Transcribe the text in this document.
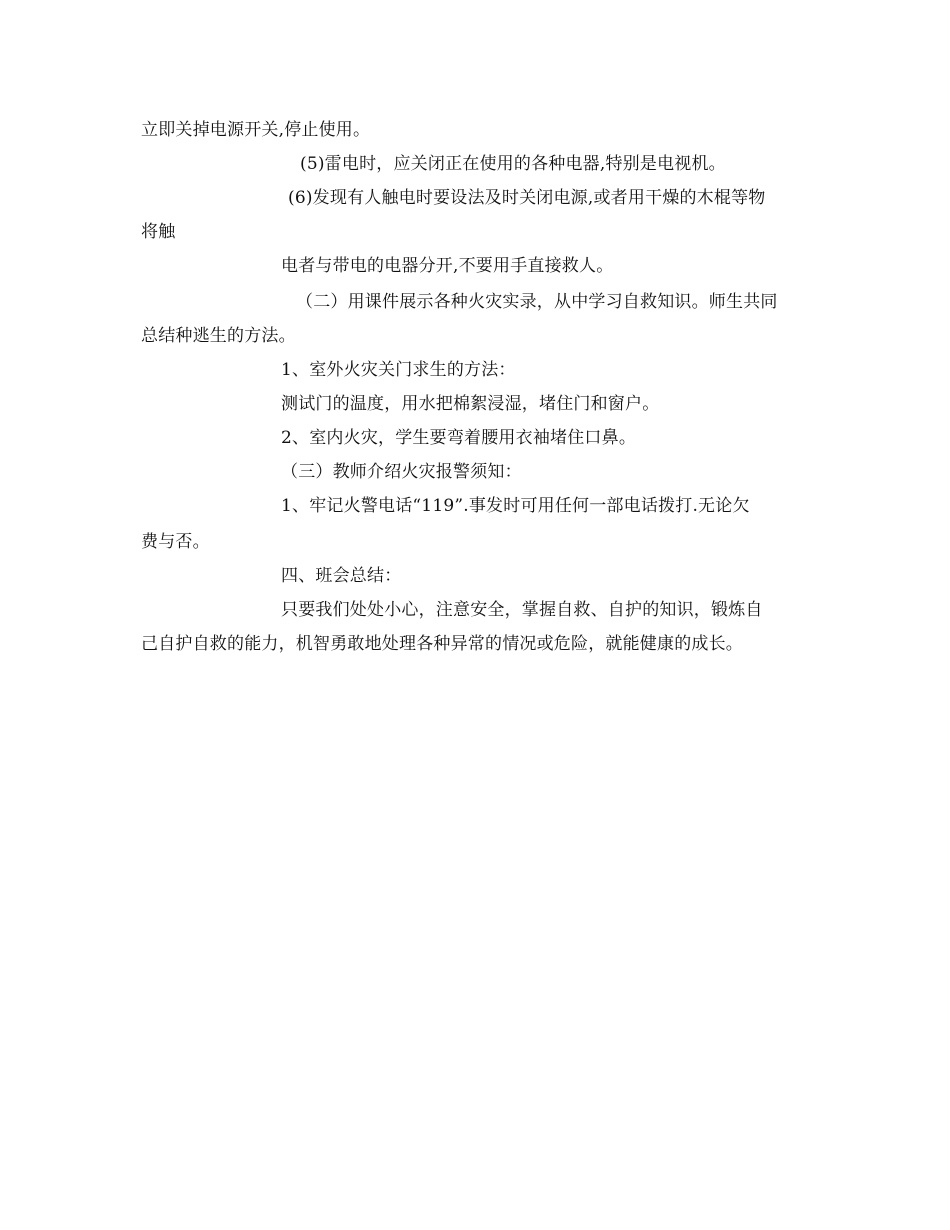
立即关掉电源开关,停止使用。
(5)雷电时，应关闭正在使用的各种电器,特别是电视机。
(6)发现有人触电时要设法及时关闭电源,或者用干燥的木棍等物
将触
电者与带电的电器分开,不要用手直接救人。
（二）用课件展示各种火灾实录，从中学习自救知识。师生共同
总结种逃生的方法。
1、室外火灾关门求生的方法：
测试门的温度，用水把棉絮浸湿，堵住门和窗户。
2、室内火灾，学生要弯着腰用衣袖堵住口鼻。
（三）教师介绍火灾报警须知：
1、牢记火警电话“119”.事发时可用任何一部电话拨打.无论欠
费与否。
四、班会总结：
只要我们处处小心，注意安全，掌握自救、自护的知识，锻炼自
己自护自救的能力，机智勇敢地处理各种异常的情况或危险，就能健康的成长。
